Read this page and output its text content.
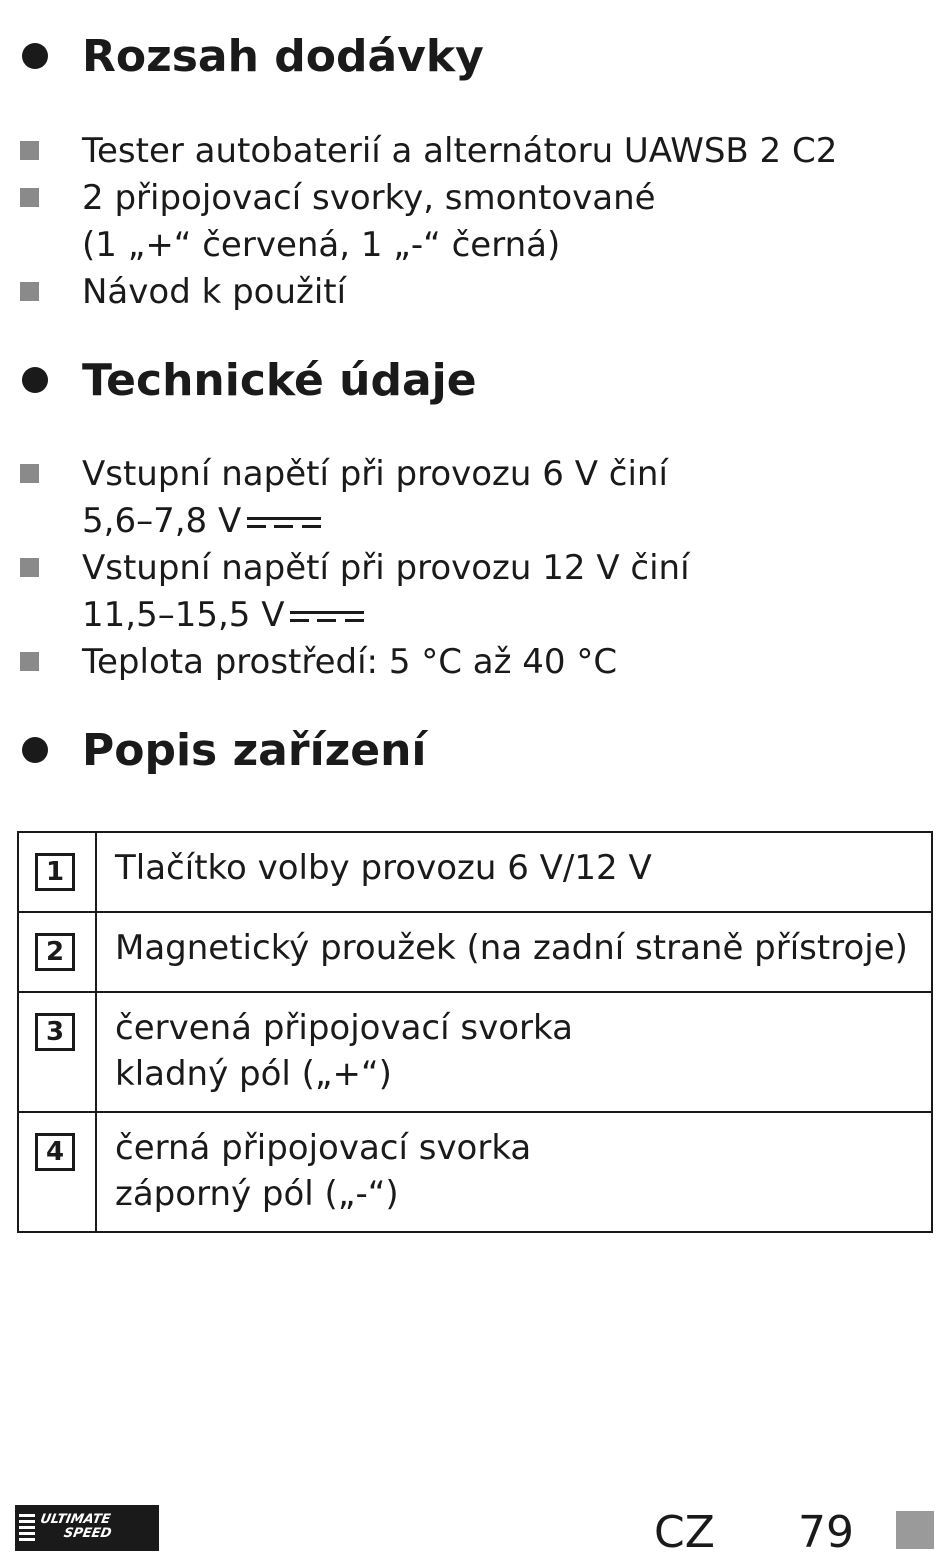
Rozsah dodávky
Tester autobaterií a alternátoru UAWSB 2 C2
2 připojovací svorky, smontované
(1 „+“ červená, 1 „-“ černá)
Návod k použití
Technické údaje
Vstupní napětí při provozu 6 V činí
5,6–7,8 V
Vstupní napětí při provozu 12 V činí
11,5–15,5 V
Teplota prostředí: 5 °C až 40 °C
Popis zařízení
1	Tlačítko volby provozu 6 V/12 V

2	Magnetický proužek (na zadní straně přístroje)

3	červená připojovací svorka
kladný pól („+“)

4	černá připojovací svorka
záporný pól („-“)
ULTIMATE
SPEED	CZ 79
